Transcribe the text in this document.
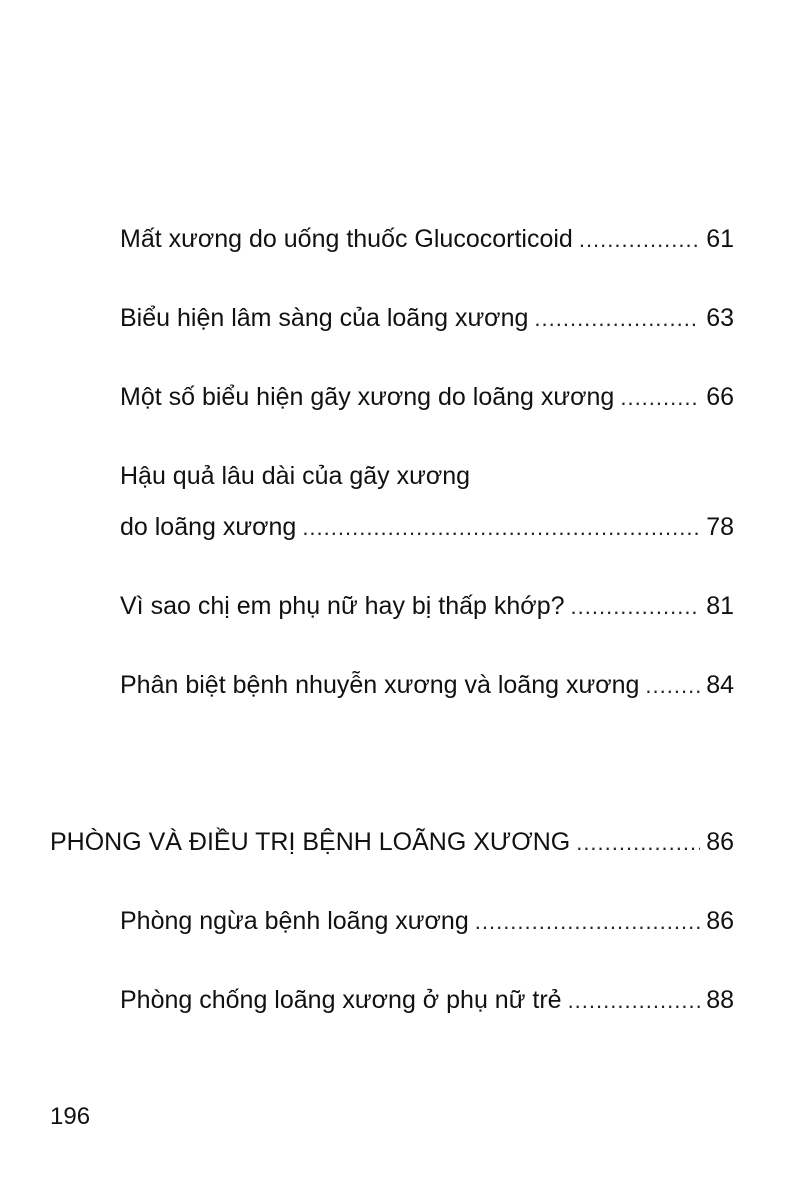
Mất xương do uống thuốc Glucocorticoid .....	61
Biểu hiện lâm sàng của loãng xương .....	63
Một số biểu hiện gãy xương do loãng xương .....	66
Hậu quả lâu dài của gãy xương
do loãng xương .....	78
Vì sao chị em phụ nữ hay bị thấp khớp? .....	81
Phân biệt bệnh nhuyễn xương và loãng xương .....	84
PHÒNG VÀ ĐIỀU TRỊ BỆNH LOÃNG XƯƠNG .....	86
Phòng ngừa bệnh loãng xương .....	86
Phòng chống loãng xương ở phụ nữ trẻ .....	88
196
